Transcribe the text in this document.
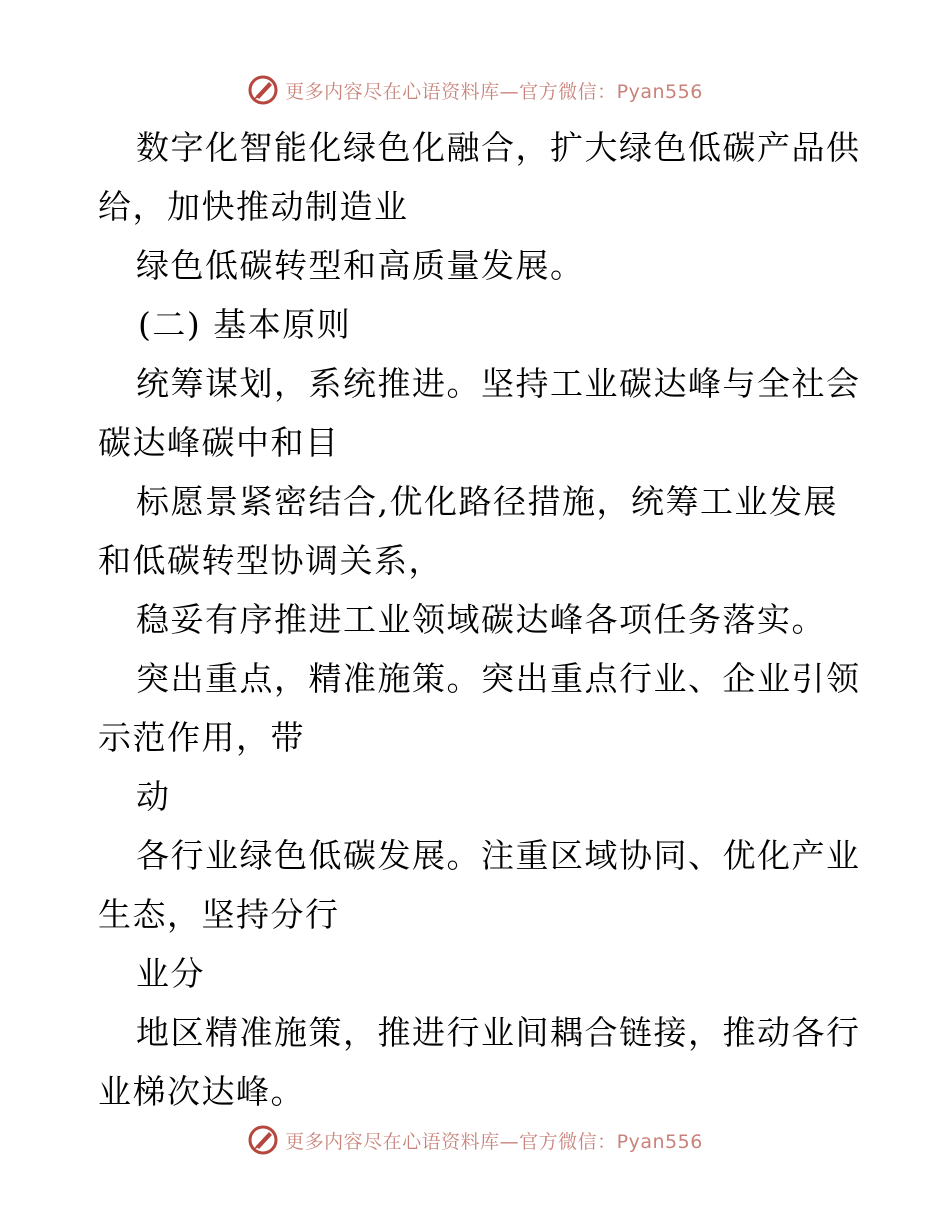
更多内容尽在心语资料库—官方微信：Pyan556
数字化智能化绿色化融合，扩大绿色低碳产品供
给，加快推动制造业
绿色低碳转型和高质量发展。
(二) 基本原则
统筹谋划，系统推进。坚持工业碳达峰与全社会
碳达峰碳中和目
标愿景紧密结合,优化路径措施，统筹工业发展
和低碳转型协调关系，
稳妥有序推进工业领域碳达峰各项任务落实。
突出重点，精准施策。突出重点行业、企业引领
示范作用，带
动
各行业绿色低碳发展。注重区域协同、优化产业
生态，坚持分行
业分
地区精准施策，推进行业间耦合链接，推动各行
业梯次达峰。
更多内容尽在心语资料库—官方微信：Pyan556
